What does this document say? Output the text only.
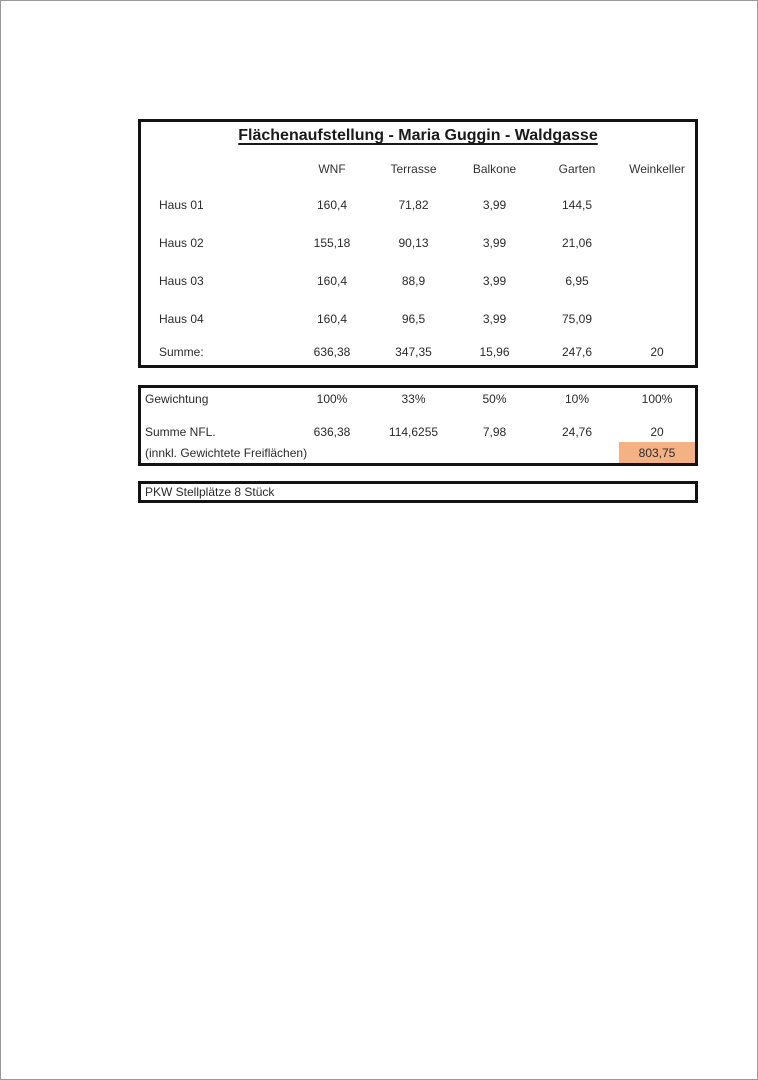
Flächenaufstellung - Maria Guggin - Waldgasse
	WNF	Terrasse	Balkone	Garten	Weinkeller
Haus 01	160,4	71,82	3,99	144,5	
Haus 02	155,18	90,13	3,99	21,06	
Haus 03	160,4	88,9	3,99	6,95	
Haus 04	160,4	96,5	3,99	75,09	
Summe:	636,38	347,35	15,96	247,6	20
Gewichtung	100%	33%	50%	10%	100%

Summe NFL.	636,38	114,6255	7,98	24,76	20
(innkl. Gewichtete Freiflächen)					803,75
PKW Stellplätze 8 Stück
